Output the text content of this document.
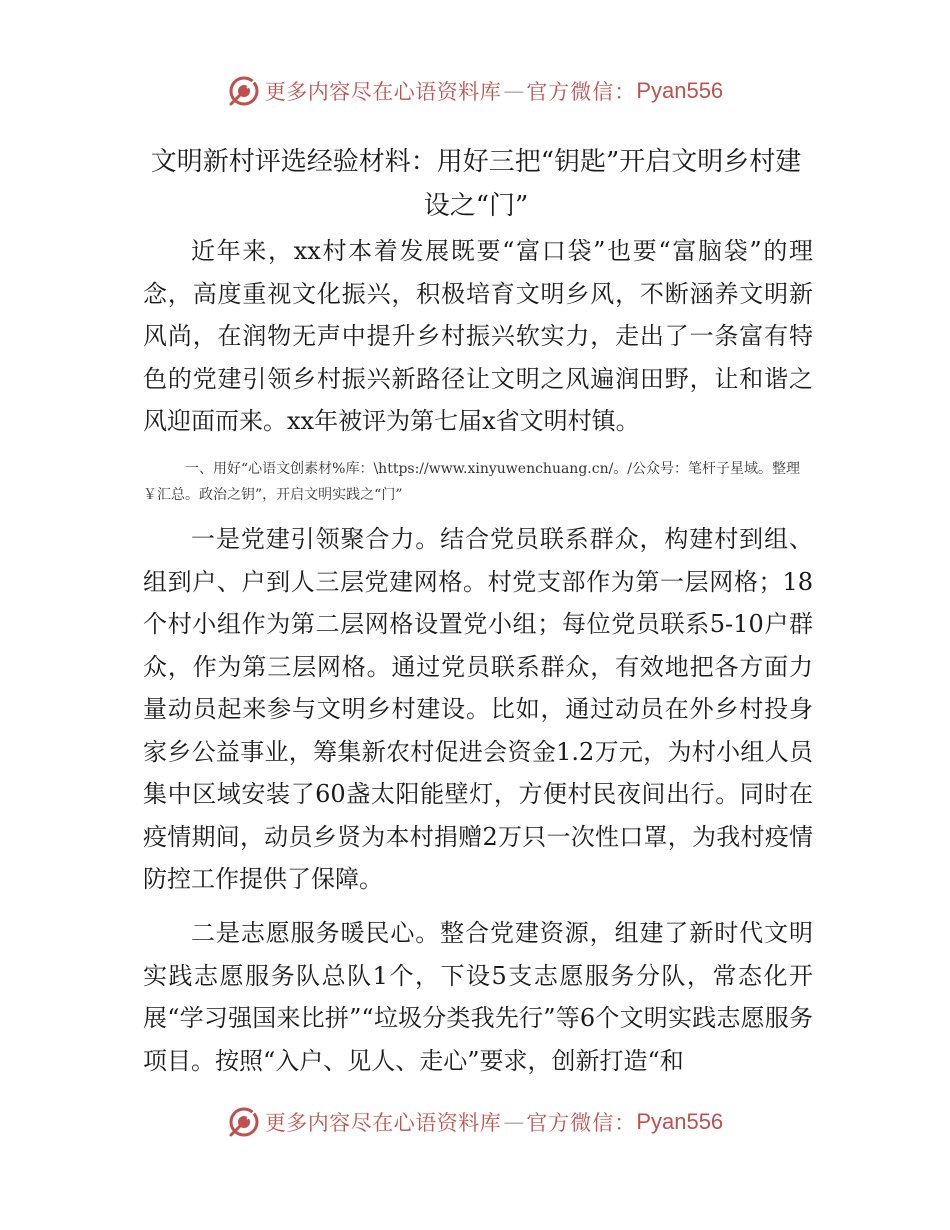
更多内容尽在心语资料库 — 官方微信： Pyan556
文明新村评选经验材料：用好三把“钥匙”开启文明乡村建设之“门”
近年来，xx村本着发展既要“富口袋”也要“富脑袋”的理念，高度重视文化振兴，积极培育文明乡风，不断涵养文明新风尚，在润物无声中提升乡村振兴软实力，走出了一条富有特色的党建引领乡村振兴新路径让文明之风遍润田野，让和谐之风迎面而来。xx年被评为第七届x省文明村镇。
一、用好“心语文创素材%库：\https://www.xinyuwenchuang.cn/。/公众号：笔杆子星域。整理￥汇总。政治之钥”，开启文明实践之“门”
一是党建引领聚合力。结合党员联系群众，构建村到组、组到户、户到人三层党建网格。村党支部作为第一层网格；18个村小组作为第二层网格设置党小组；每位党员联系5-10户群众，作为第三层网格。通过党员联系群众，有效地把各方面力量动员起来参与文明乡村建设。比如，通过动员在外乡村投身家乡公益事业，筹集新农村促进会资金1.2万元，为村小组人员集中区域安装了60盏太阳能壁灯，方便村民夜间出行。同时在疫情期间，动员乡贤为本村捐赠2万只一次性口罩，为我村疫情防控工作提供了保障。
二是志愿服务暖民心。整合党建资源，组建了新时代文明实践志愿服务队总队1个，下设5支志愿服务分队，常态化开展“学习强国来比拼”“垃圾分类我先行”等6个文明实践志愿服务项目。按照“入户、见人、走心”要求，创新打造“和
更多内容尽在心语资料库 — 官方微信： Pyan556
